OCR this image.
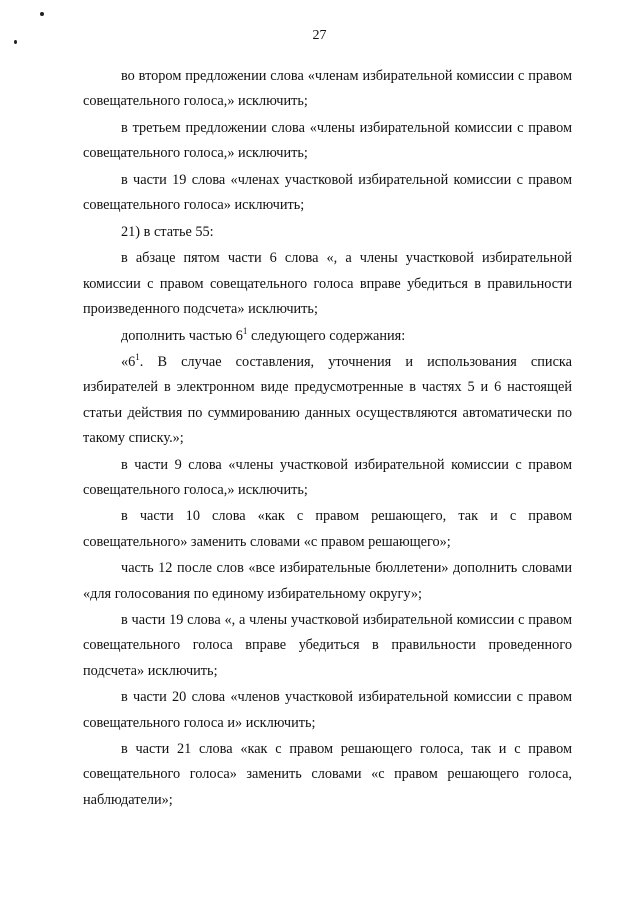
27

во втором предложении слова «членам избирательной комиссии с правом совещательного голоса,» исключить;

в третьем предложении слова «члены избирательной комиссии с правом совещательного голоса,» исключить;

в части 19 слова «членах участковой избирательной комиссии с правом совещательного голоса» исключить;

21) в статье 55:

в абзаце пятом части 6 слова «, а члены участковой избирательной комиссии с правом совещательного голоса вправе убедиться в правильности произведенного подсчета» исключить;

дополнить частью $6^1$ следующего содержания:

«$6^1$. В случае составления, уточнения и использования списка избирателей в электронном виде предусмотренные в частях 5 и 6 настоящей статьи действия по суммированию данных осуществляются автоматически по такому списку.»;

в части 9 слова «члены участковой избирательной комиссии с правом совещательного голоса,» исключить;

в части 10 слова «как с правом решающего, так и с правом совещательного» заменить словами «с правом решающего»;

часть 12 после слов «все избирательные бюллетени» дополнить словами «для голосования по единому избирательному округу»;

в части 19 слова «, а члены участковой избирательной комиссии с правом совещательного голоса вправе убедиться в правильности проведенного подсчета» исключить;

в части 20 слова «членов участковой избирательной комиссии с правом совещательного голоса и» исключить;

в части 21 слова «как с правом решающего голоса, так и с правом совещательного голоса» заменить словами «с правом решающего голоса, наблюдатели»;
